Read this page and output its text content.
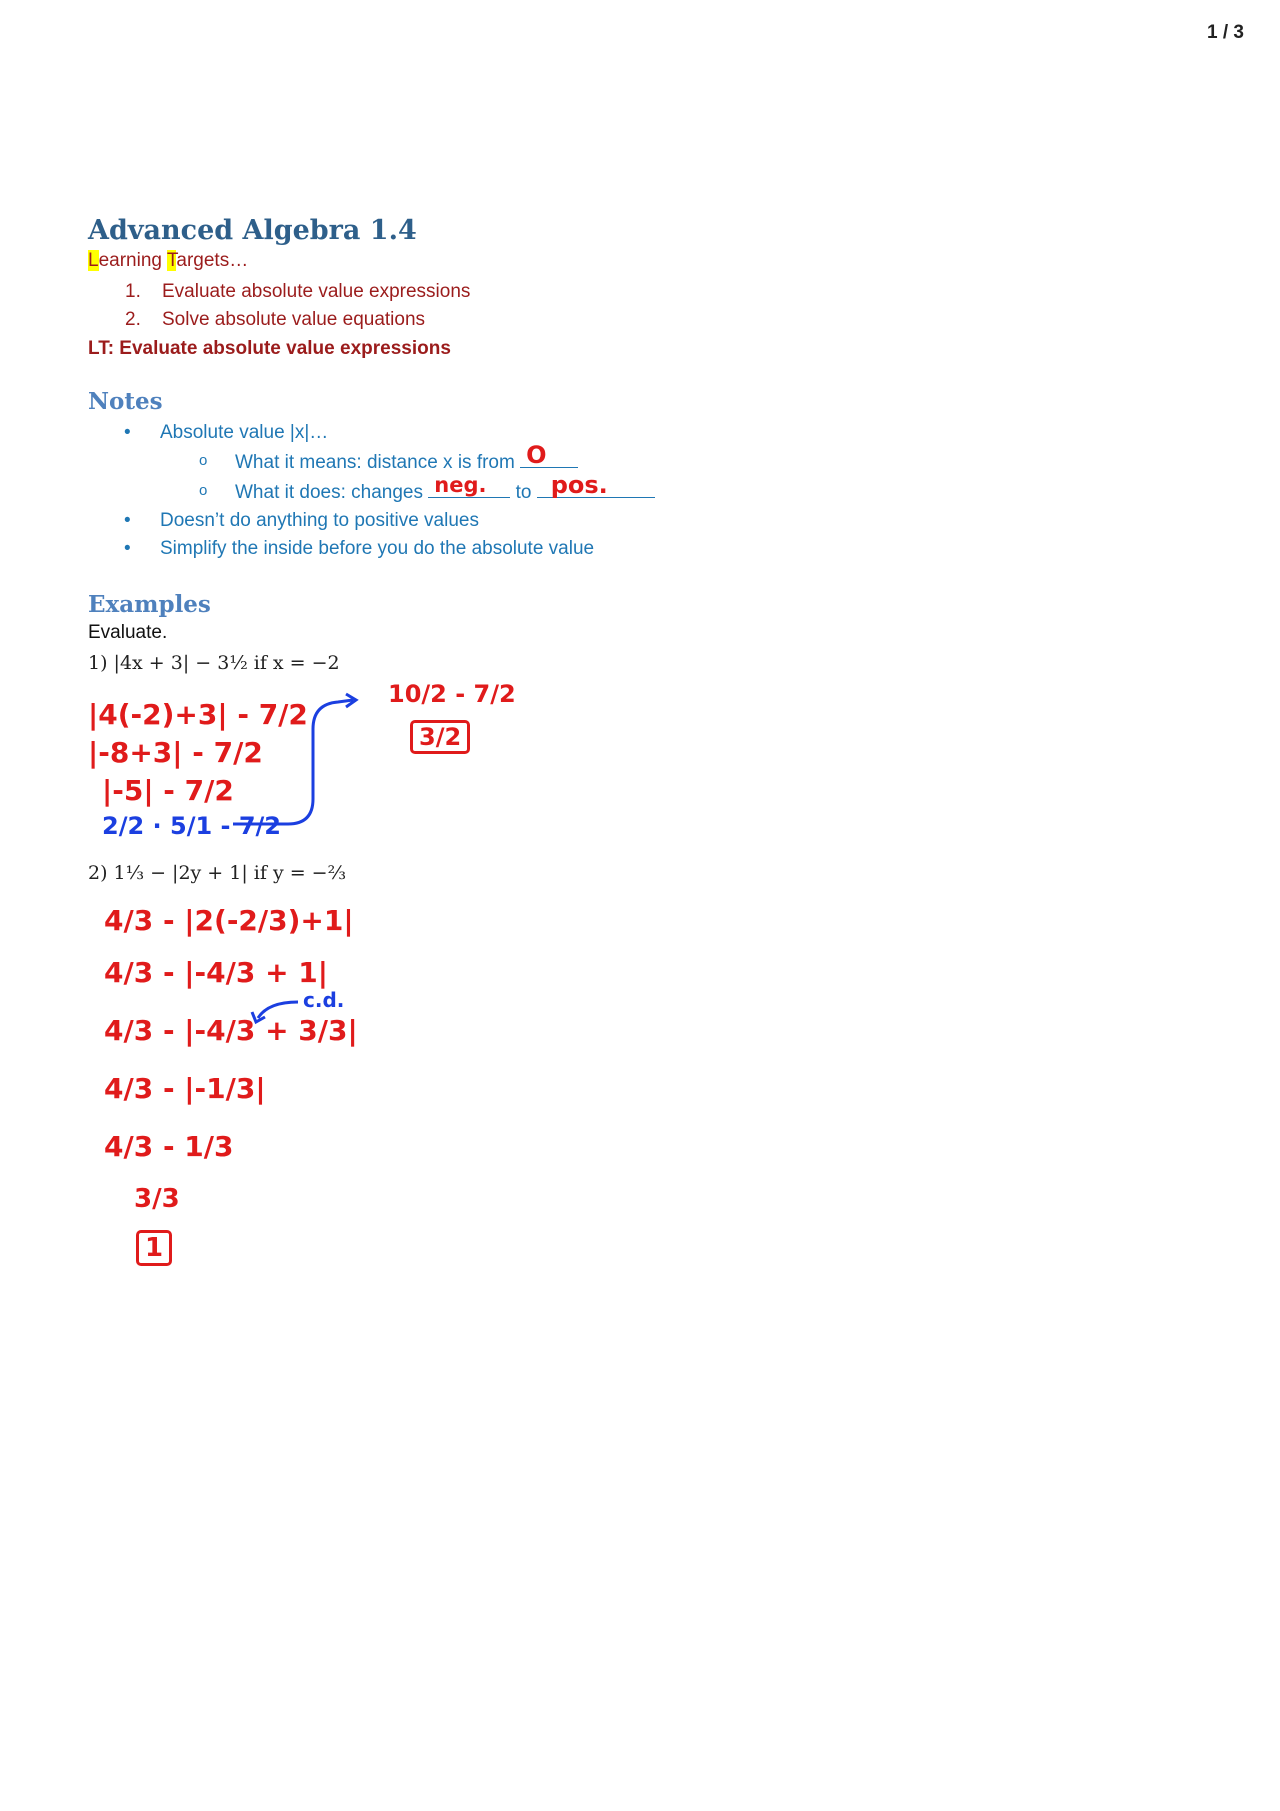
1 / 3
Advanced Algebra 1.4
Learning Targets…
1. Evaluate absolute value expressions
2. Solve absolute value equations
LT: Evaluate absolute value expressions
Notes
• Absolute value |x|…
o What it means: distance x is from O
o What it does: changes neg. to pos.
• Doesn’t do anything to positive values
• Simplify the inside before you do the absolute value
Examples
Evaluate.
1) |4x + 3| − 3½ if x = −2
|4(-2)+3| - 7/2
|-8+3| - 7/2
|-5| - 7/2
2/2 · 5/1 - 7/2
10/2 - 7/2
3/2
2) 1⅓ − |2y + 1| if y = −⅔
4/3 - |2(-2/3)+1|
4/3 - |-4/3 + 1|
c.d.
4/3 - |-4/3 + 3/3|
4/3 - |-1/3|
4/3 - 1/3
3/3
1
